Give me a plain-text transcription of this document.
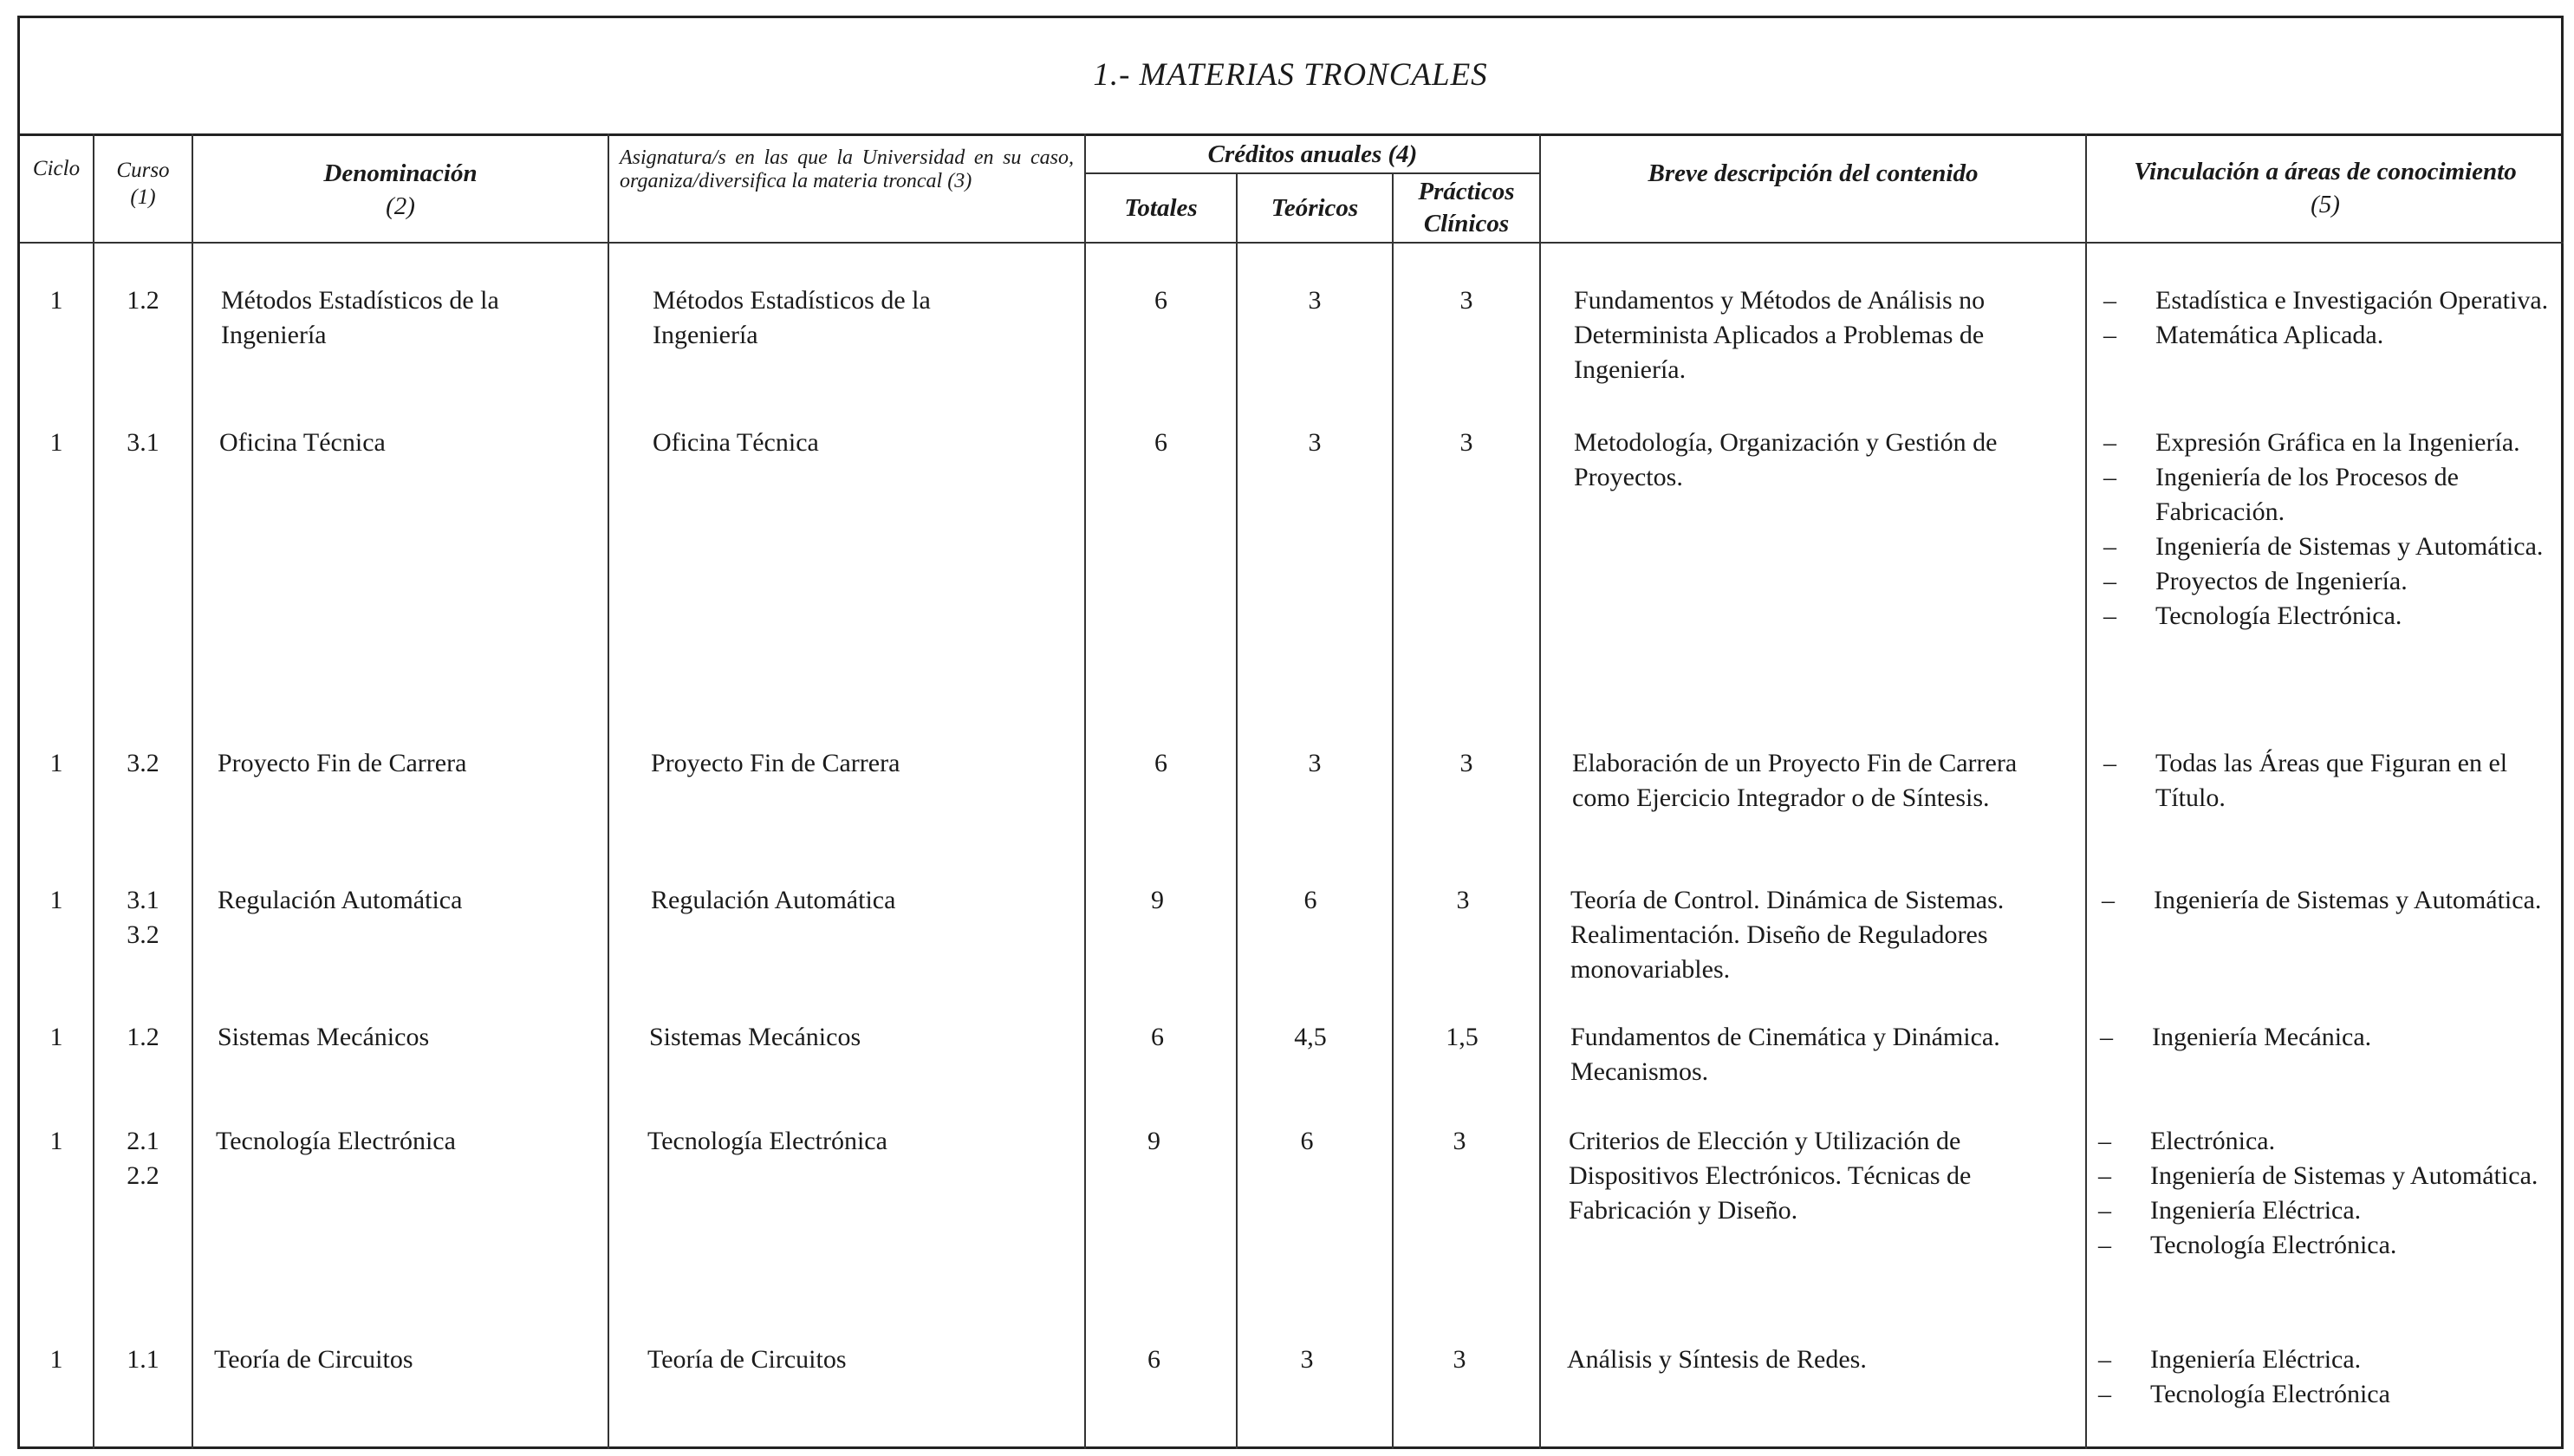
1.- MATERIAS TRONCALES
Ciclo	Curso
(1)
Denominación
(2)
Asignatura/s en las que la Universidad en su caso, organiza/diversifica la materia troncal (3)
Créditos anuales (4)
Totales	Teóricos
Prácticos
Clínicos
Breve descripción del contenido	Vinculación a áreas de conocimiento
(5)
1	1.2	Métodos Estadísticos de la Ingeniería
Métodos Estadísticos de la Ingeniería
6	3	3	Fundamentos y Métodos de Análisis no Determinista Aplicados a Problemas de Ingeniería.
– Estadística e Investigación Operativa.
– Matemática Aplicada.
1	3.1	Oficina Técnica	Oficina Técnica	6	3	3	Metodología, Organización y Gestión de Proyectos.
– Expresión Gráfica en la Ingeniería.
– Ingeniería de los Procesos de Fabricación.
– Ingeniería de Sistemas y Automática.
– Proyectos de Ingeniería.
– Tecnología Electrónica.
1	3.2	Proyecto Fin de Carrera	Proyecto Fin de Carrera	6	3	3	Elaboración de un Proyecto Fin de Carrera como Ejercicio Integrador o de Síntesis.
– Todas las Áreas que Figuran en el Título.
1	3.1
3.2
Regulación Automática	Regulación Automática	9	6	3	Teoría de Control. Dinámica de Sistemas. Realimentación. Diseño de Reguladores monovariables.
– Ingeniería de Sistemas y Automática.
1	1.2	Sistemas Mecánicos	Sistemas Mecánicos	6	4,5	1,5	Fundamentos de Cinemática y Dinámica. Mecanismos.
– Ingeniería Mecánica.
1	2.1
2.2
Tecnología Electrónica	Tecnología Electrónica	9	6	3	Criterios de Elección y Utilización de Dispositivos Electrónicos. Técnicas de Fabricación y Diseño.
– Electrónica.
– Ingeniería de Sistemas y Automática.
– Ingeniería Eléctrica.
– Tecnología Electrónica.
1	1.1	Teoría de Circuitos	Teoría de Circuitos	6	3	3	Análisis y Síntesis de Redes.
–	Ingeniería Eléctrica.
– Tecnología Electrónica
